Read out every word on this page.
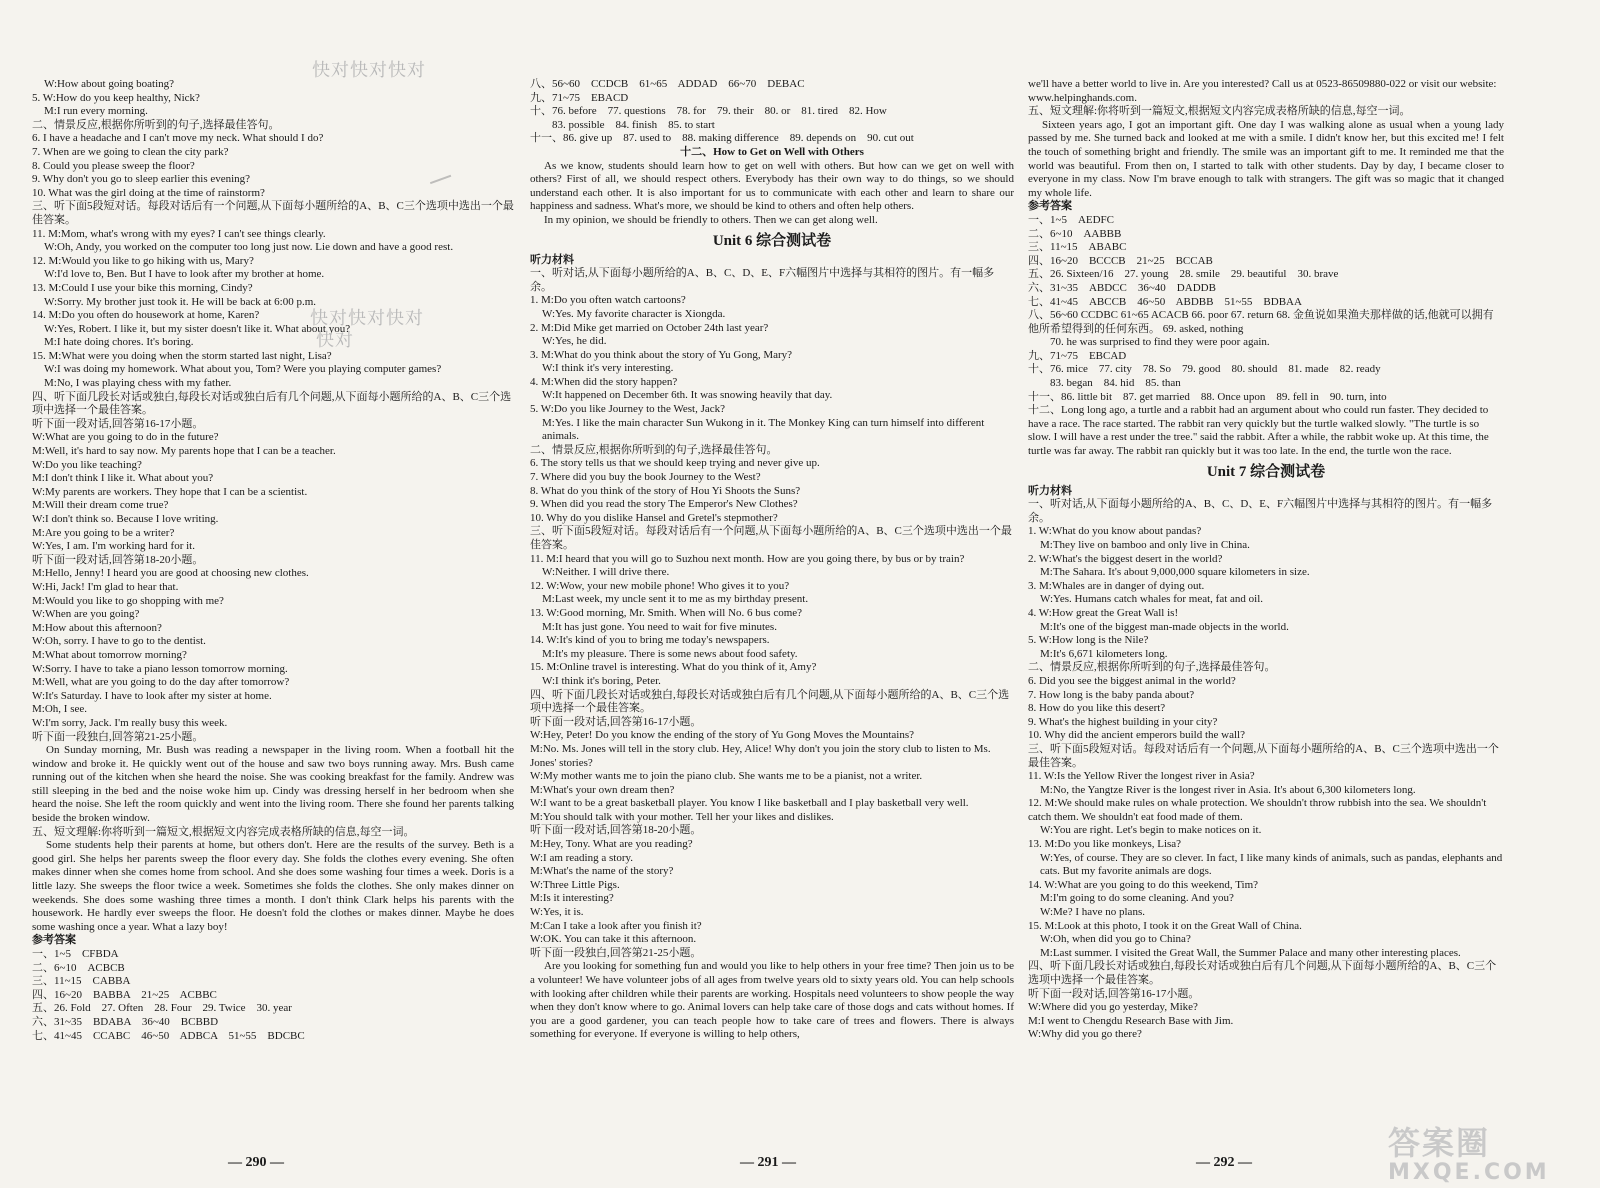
W:How about going boating?
5. W:How do you keep healthy, Nick?
M:I run every morning.
二、情景反应,根据你所听到的句子,选择最佳答句。
6. I have a headache and I can't move my neck. What should I do?
7. When are we going to clean the city park?
8. Could you please sweep the floor?
9. Why don't you go to sleep earlier this evening?
10. What was the girl doing at the time of rainstorm?
三、听下面5段短对话。每段对话后有一个问题,从下面每小题所给的A、B、C三个选项中选出一个最佳答案。
11. M:Mom, what's wrong with my eyes? I can't see things clearly.
W:Oh, Andy, you worked on the computer too long just now. Lie down and have a good rest.
12. M:Would you like to go hiking with us, Mary?
W:I'd love to, Ben. But I have to look after my brother at home.
13. M:Could I use your bike this morning, Cindy?
W:Sorry. My brother just took it. He will be back at 6:00 p.m.
14. M:Do you often do housework at home, Karen?
W:Yes, Robert. I like it, but my sister doesn't like it. What about you?
M:I hate doing chores. It's boring.
15. M:What were you doing when the storm started last night, Lisa?
W:I was doing my homework. What about you, Tom? Were you playing computer games?
M:No, I was playing chess with my father.
四、听下面几段长对话或独白,每段长对话或独白后有几个问题,从下面每小题所给的A、B、C三个选项中选择一个最佳答案。
听下面一段对话,回答第16-17小题。
W:What are you going to do in the future?
M:Well, it's hard to say now. My parents hope that I can be a teacher.
W:Do you like teaching?
M:I don't think I like it. What about you?
W:My parents are workers. They hope that I can be a scientist.
M:Will their dream come true?
W:I don't think so. Because I love writing.
M:Are you going to be a writer?
W:Yes, I am. I'm working hard for it.
听下面一段对话,回答第18-20小题。
M:Hello, Jenny! I heard you are good at choosing new clothes.
W:Hi, Jack! I'm glad to hear that.
M:Would you like to go shopping with me?
W:When are you going?
M:How about this afternoon?
W:Oh, sorry. I have to go to the dentist.
M:What about tomorrow morning?
W:Sorry. I have to take a piano lesson tomorrow morning.
M:Well, what are you going to do the day after tomorrow?
W:It's Saturday. I have to look after my sister at home.
M:Oh, I see.
W:I'm sorry, Jack. I'm really busy this week.
听下面一段独白,回答第21-25小题。
On Sunday morning, Mr. Bush was reading a newspaper in the living room. When a football hit the window and broke it. He quickly went out of the house and saw two boys running away. Mrs. Bush came running out of the kitchen when she heard the noise. She was cooking breakfast for the family. Andrew was still sleeping in the bed and the noise woke him up. Cindy was dressing herself in her bedroom when she heard the noise. She left the room quickly and went into the living room. There she found her parents talking beside the broken window.
五、短文理解:你将听到一篇短文,根据短文内容完成表格所缺的信息,每空一词。
Some students help their parents at home, but others don't. Here are the results of the survey. Beth is a good girl. She helps her parents sweep the floor every day. She folds the clothes every evening. She often makes dinner when she comes home from school. And she does some washing four times a week. Doris is a little lazy. She sweeps the floor twice a week. Sometimes she folds the clothes. She only makes dinner on weekends. She does some washing three times a month. I don't think Clark helps his parents with the housework. He hardly ever sweeps the floor. He doesn't fold the clothes or makes dinner. Maybe he does some washing once a year. What a lazy boy!
参考答案
一、1~5    CFBDA
二、6~10    ACBCB
三、11~15    CABBA
四、16~20    BABBA    21~25    ACBBC
五、26. Fold    27. Often    28. Four    29. Twice    30. year
六、31~35    BDABA    36~40    BCBBD
七、41~45    CCABC    46~50    ADBCA    51~55    BDCBC
八、56~60    CCDCB    61~65    ADDAD    66~70    DEBAC
九、71~75    EBACD
十、76. before    77. questions    78. for    79. their    80. or    81. tired    82. How
83. possible    84. finish    85. to start
十一、86. give up    87. used to    88. making difference    89. depends on    90. cut out
十二、How to Get on Well with Others
As we know, students should learn how to get on well with others. But how can we get on well with others? First of all, we should respect others. Everybody has their own way to do things, so we should understand each other. It is also important for us to communicate with each other and learn to share our happiness and sadness. What's more, we should be kind to others and often help others.
In my opinion, we should be friendly to others. Then we can get along well.
Unit 6 综合测试卷
听力材料
一、听对话,从下面每小题所给的A、B、C、D、E、F六幅图片中选择与其相符的图片。有一幅多余。
1. M:Do you often watch cartoons?
W:Yes. My favorite character is Xiongda.
2. M:Did Mike get married on October 24th last year?
W:Yes, he did.
3. M:What do you think about the story of Yu Gong, Mary?
W:I think it's very interesting.
4. M:When did the story happen?
W:It happened on December 6th. It was snowing heavily that day.
5. W:Do you like Journey to the West, Jack?
M:Yes. I like the main character Sun Wukong in it. The Monkey King can turn himself into different animals.
二、情景反应,根据你所听到的句子,选择最佳答句。
6. The story tells us that we should keep trying and never give up.
7. Where did you buy the book Journey to the West?
8. What do you think of the story of Hou Yi Shoots the Suns?
9. When did you read the story The Emperor's New Clothes?
10. Why do you dislike Hansel and Gretel's stepmother?
三、听下面5段短对话。每段对话后有一个问题,从下面每小题所给的A、B、C三个选项中选出一个最佳答案。
11. M:I heard that you will go to Suzhou next month. How are you going there, by bus or by train?
W:Neither. I will drive there.
12. W:Wow, your new mobile phone! Who gives it to you?
M:Last week, my uncle sent it to me as my birthday present.
13. W:Good morning, Mr. Smith. When will No. 6 bus come?
M:It has just gone. You need to wait for five minutes.
14. W:It's kind of you to bring me today's newspapers.
M:It's my pleasure. There is some news about food safety.
15. M:Online travel is interesting. What do you think of it, Amy?
W:I think it's boring, Peter.
四、听下面几段长对话或独白,每段长对话或独白后有几个问题,从下面每小题所给的A、B、C三个选项中选择一个最佳答案。
听下面一段对话,回答第16-17小题。
W:Hey, Peter! Do you know the ending of the story of Yu Gong Moves the Mountains?
M:No. Ms. Jones will tell in the story club. Hey, Alice! Why don't you join the story club to listen to Ms. Jones' stories?
W:My mother wants me to join the piano club. She wants me to be a pianist, not a writer.
M:What's your own dream then?
W:I want to be a great basketball player. You know I like basketball and I play basketball very well.
M:You should talk with your mother. Tell her your likes and dislikes.
听下面一段对话,回答第18-20小题。
M:Hey, Tony. What are you reading?
W:I am reading a story.
M:What's the name of the story?
W:Three Little Pigs.
M:Is it interesting?
W:Yes, it is.
M:Can I take a look after you finish it?
W:OK. You can take it this afternoon.
听下面一段独白,回答第21-25小题。
Are you looking for something fun and would you like to help others in your free time? Then join us to be a volunteer! We have volunteer jobs of all ages from twelve years old to sixty years old. You can help schools with looking after children while their parents are working. Hospitals need volunteers to show people the way when they don't know where to go. Animal lovers can help take care of those dogs and cats without homes. If you are a good gardener, you can teach people how to take care of trees and flowers. There is always something for everyone. If everyone is willing to help others,
we'll have a better world to live in. Are you interested? Call us at 0523-86509880-022 or visit our website: www.helpinghands.com.
五、短文理解:你将听到一篇短文,根据短文内容完成表格所缺的信息,每空一词。
Sixteen years ago, I got an important gift. One day I was walking alone as usual when a young lady passed by me. She turned back and looked at me with a smile. I didn't know her, but this excited me! I felt the touch of something bright and friendly. The smile was an important gift to me. It reminded me that the world was beautiful. From then on, I started to talk with other students. Day by day, I became closer to everyone in my class. Now I'm brave enough to talk with strangers. The gift was so magic that it changed my whole life.
参考答案
一、1~5    AEDFC
二、6~10    AABBB
三、11~15    ABABC
四、16~20    BCCCB    21~25    BCCAB
五、26. Sixteen/16    27. young    28. smile    29. beautiful    30. brave
六、31~35    ABDCC    36~40    DADDB
七、41~45    ABCCB    46~50    ABDBB    51~55    BDBAA
八、56~60 CCDBC 61~65 ACACB 66. poor 67. return 68. 金鱼说如果渔夫那样做的话,他就可以拥有他所希望得到的任何东西。 69. asked, nothing
70. he was surprised to find they were poor again.
九、71~75    EBCAD
十、76. mice    77. city    78. So    79. good    80. should    81. made    82. ready
83. began    84. hid    85. than
十一、86. little bit    87. get married    88. Once upon    89. fell in    90. turn, into
十二、Long long ago, a turtle and a rabbit had an argument about who could run faster. They decided to have a race. The race started. The rabbit ran very quickly but the turtle walked slowly. "The turtle is so slow. I will have a rest under the tree." said the rabbit. After a while, the rabbit woke up. At this time, the turtle was far away. The rabbit ran quickly but it was too late. In the end, the turtle won the race.
Unit 7 综合测试卷
听力材料
一、听对话,从下面每小题所给的A、B、C、D、E、F六幅图片中选择与其相符的图片。有一幅多余。
1. W:What do you know about pandas?
M:They live on bamboo and only live in China.
2. W:What's the biggest desert in the world?
M:The Sahara. It's about 9,000,000 square kilometers in size.
3. M:Whales are in danger of dying out.
W:Yes. Humans catch whales for meat, fat and oil.
4. W:How great the Great Wall is!
M:It's one of the biggest man-made objects in the world.
5. W:How long is the Nile?
M:It's 6,671 kilometers long.
二、情景反应,根据你所听到的句子,选择最佳答句。
6. Did you see the biggest animal in the world?
7. How long is the baby panda about?
8. How do you like this desert?
9. What's the highest building in your city?
10. Why did the ancient emperors build the wall?
三、听下面5段短对话。每段对话后有一个问题,从下面每小题所给的A、B、C三个选项中选出一个最佳答案。
11. W:Is the Yellow River the longest river in Asia?
M:No, the Yangtze River is the longest river in Asia. It's about 6,300 kilometers long.
12. M:We should make rules on whale protection. We shouldn't throw rubbish into the sea. We shouldn't catch them. We shouldn't eat food made of them.
W:You are right. Let's begin to make notices on it.
13. M:Do you like monkeys, Lisa?
W:Yes, of course. They are so clever. In fact, I like many kinds of animals, such as pandas, elephants and cats. But my favorite animals are dogs.
14. W:What are you going to do this weekend, Tim?
M:I'm going to do some cleaning. And you?
W:Me? I have no plans.
15. M:Look at this photo, I took it on the Great Wall of China.
W:Oh, when did you go to China?
M:Last summer. I visited the Great Wall, the Summer Palace and many other interesting places.
四、听下面几段长对话或独白,每段长对话或独白后有几个问题,从下面每小题所给的A、B、C三个选项中选择一个最佳答案。
听下面一段对话,回答第16-17小题。
W:Where did you go yesterday, Mike?
M:I went to Chengdu Research Base with Jim.
W:Why did you go there?
— 290 —	— 291 —	— 292 —
快对快对快对
快对快对快对
快对
答案圈
MXQE.COM
